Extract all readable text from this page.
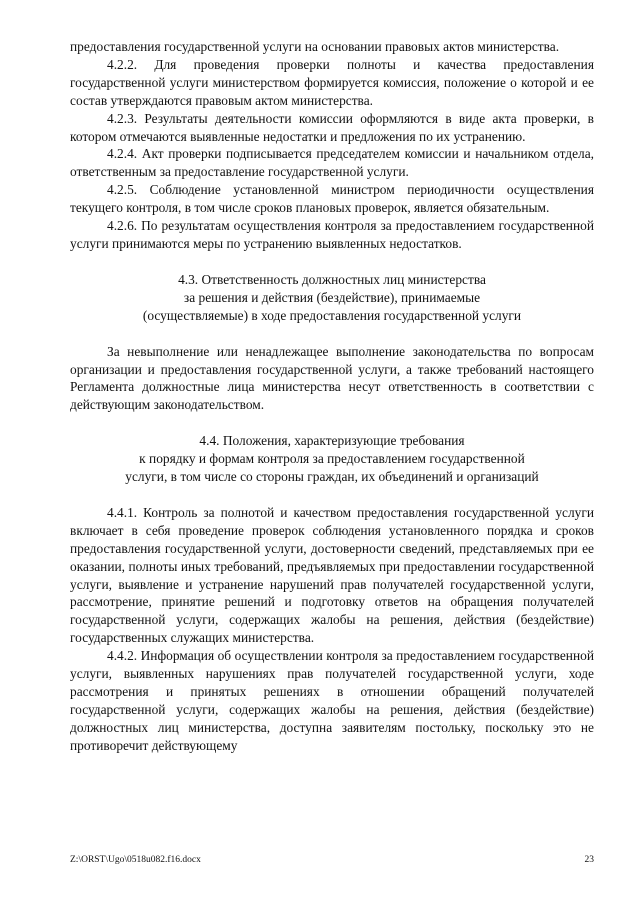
предоставления государственной услуги на основании правовых актов министерства.

4.2.2. Для проведения проверки полноты и качества предоставления государственной услуги министерством формируется комиссия, положение о которой и ее состав утверждаются правовым актом министерства.

4.2.3. Результаты деятельности комиссии оформляются в виде акта проверки, в котором отмечаются выявленные недостатки и предложения по их устранению.

4.2.4. Акт проверки подписывается председателем комиссии и начальником отдела, ответственным за предоставление государственной услуги.

4.2.5. Соблюдение установленной министром периодичности осуществления текущего контроля, в том числе сроков плановых проверок, является обязательным.

4.2.6. По результатам осуществления контроля за предоставлением государственной услуги принимаются меры по устранению выявленных недостатков.

4.3. Ответственность должностных лиц министерства

за решения и действия (бездействие), принимаемые

(осуществляемые) в ходе предоставления государственной услуги

За невыполнение или ненадлежащее выполнение законодательства по вопросам организации и предоставления государственной услуги, а также требований настоящего Регламента должностные лица министерства несут ответственность в соответствии с действующим законодательством.

4.4. Положения, характеризующие требования

к порядку и формам контроля за предоставлением государственной

услуги, в том числе со стороны граждан, их объединений и организаций

4.4.1. Контроль за полнотой и качеством предоставления государственной услуги включает в себя проведение проверок соблюдения установленного порядка и сроков предоставления государственной услуги, достоверности сведений, представляемых при ее оказании, полноты иных требований, предъявляемых при предоставлении государственной услуги, выявление и устранение нарушений прав получателей государственной услуги, рассмотрение, принятие решений и подготовку ответов на обращения получателей государственной услуги, содержащих жалобы на решения, действия (бездействие) государственных служащих министерства.

4.4.2. Информация об осуществлении контроля за предоставлением государственной услуги, выявленных нарушениях прав получателей государственной услуги, ходе рассмотрения и принятых решениях в отношении обращений получателей государственной услуги, содержащих жалобы на решения, действия (бездействие) должностных лиц министерства, доступна заявителям постольку, поскольку это не противоречит действующему

Z:\ORST\Ugo\0518u082.f16.docx	23
